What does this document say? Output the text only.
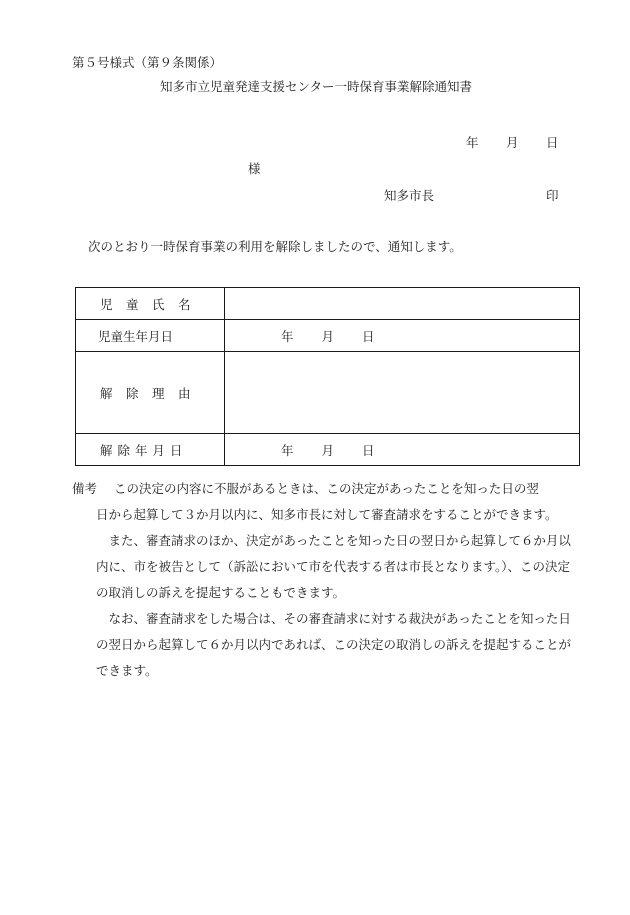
第５号様式（第９条関係）
知多市立児童発達支援センター一時保育事業解除通知書
年 月 日
様
知多市長	印
次のとおり一時保育事業の利用を解除しましたので、通知します。
児　童　氏　名	
児童生年月日	年 月 日
解　除　理　由	
解 除 年 月 日	年 月 日
備考 この決定の内容に不服があるときは、この決定があったことを知った日の翌

日から起算して３か月以内に、知多市長に対して審査請求をすることができます。

また、審査請求のほか、決定があったことを知った日の翌日から起算して６か月以内に、市を被告として（訴訟において市を代表する者は市長となります。）、この決定の取消しの訴えを提起することもできます。

なお、審査請求をした場合は、その審査請求に対する裁決があったことを知った日の翌日から起算して６か月以内であれば、この決定の取消しの訴えを提起することができます。
